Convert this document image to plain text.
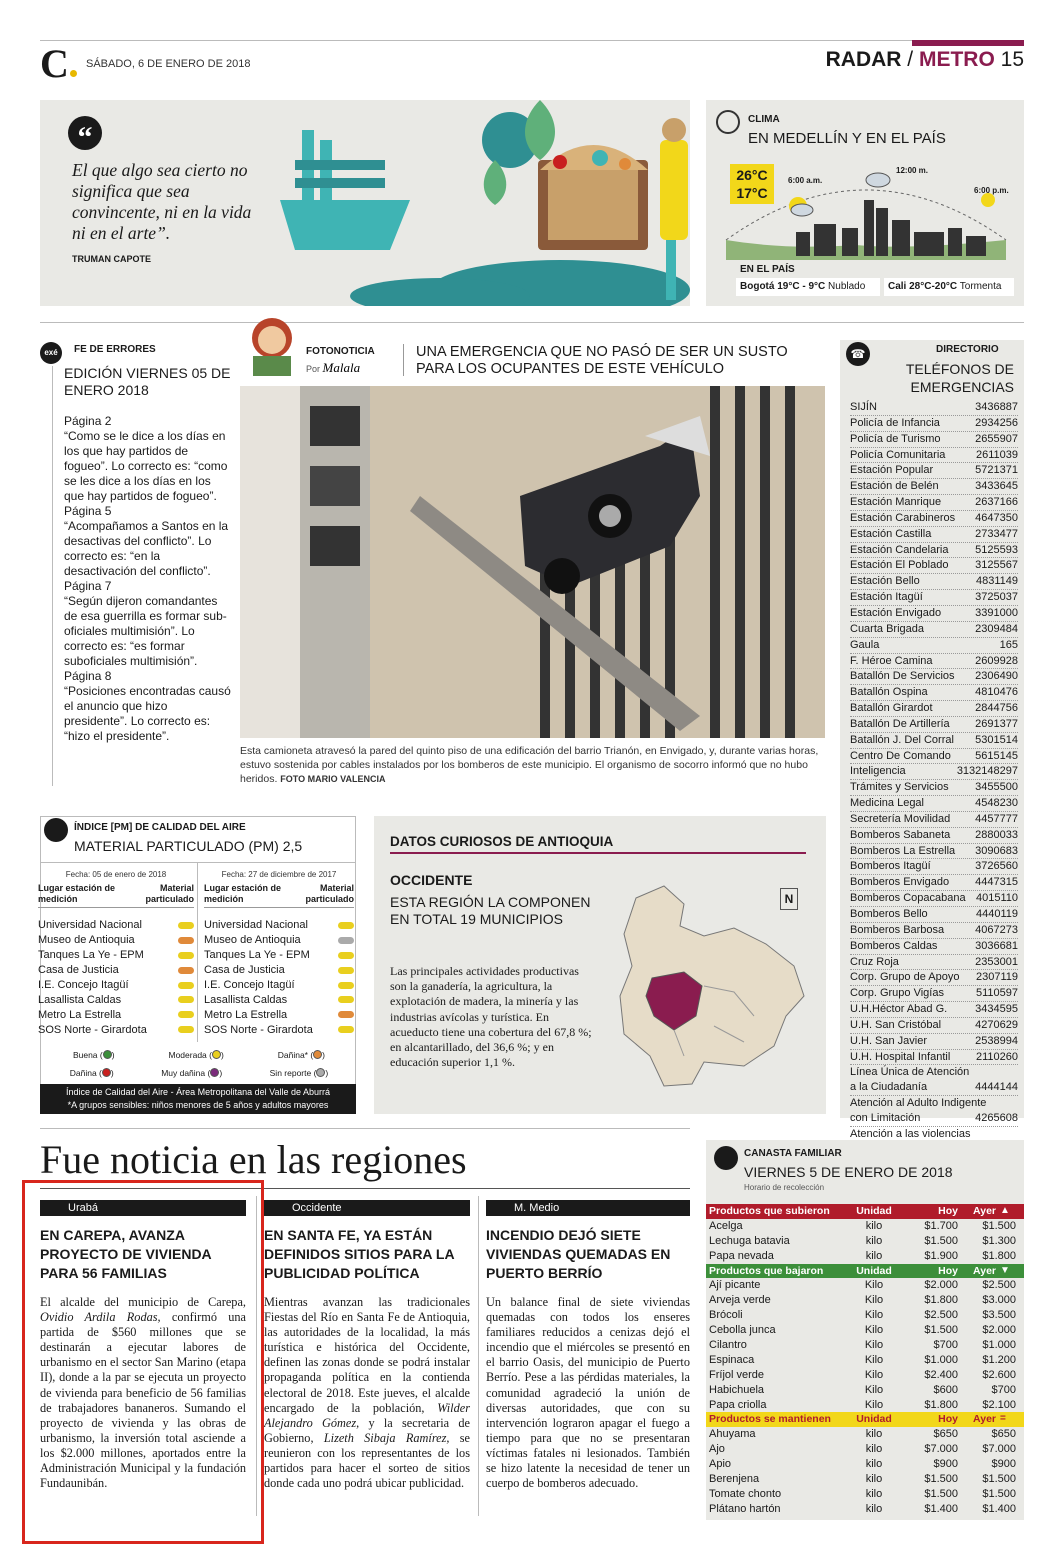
C	SÁBADO, 6 DE ENERO DE 2018	RADAR / METRO 15
“
El que algo sea cierto no significa que sea convincente, ni en la vida ni en el arte”.
TRUMAN CAPOTE
CLIMA
EN MEDELLÍN Y EN EL PAÍS
26°C
17°C
6:00 a.m.
12:00 m.
6:00 p.m.
EN EL PAÍS
Bogotá 19°C - 9°C Nublado	Cali 28°C-20°C Tormenta
exé	FE DE ERRORES
EDICIÓN VIERNES 05 DE ENERO 2018
Página 2
“Como se le dice a los días en los que hay partidos de fogueo”. Lo correcto es: “como se les dice a los días en los que hay partidos de fogueo”.
Página 5
“Acompañamos a Santos en la desactivas del conflicto”. Lo correcto es: “en la desactivación del conflicto”.
Página 7
“Según dijeron comandantes de esa guerrilla es formar sub-oficiales multimisión”. Lo correcto es: “es formar suboficiales multimisión”.
Página 8
“Posiciones encontradas causó el anuncio que hizo presidente”. Lo correcto es: “hizo el presidente”.
FOTONOTICIA
Por Malala
UNA EMERGENCIA QUE NO PASÓ DE SER UN SUSTO PARA LOS OCUPANTES DE ESTE VEHÍCULO
Esta camioneta atravesó la pared del quinto piso de una edificación del barrio Trianón, en Envigado, y, durante varias horas, estuvo sostenida por cables instalados por los bomberos de este municipio. El organismo de socorro informó que no hubo heridos. FOTO MARIO VALENCIA
☎	DIRECTORIO
TELÉFONOS DE EMERGENCIAS
SIJÍN	3436887
Policía de Infancia	2934256
Policía de Turismo	2655907
Policía Comunitaria	2611039
Estación Popular	5721371
Estación de Belén	3433645
Estación Manrique	2637166
Estación Carabineros 4647350
Estación Castilla	2733477
Estación Candelaria 5125593
Estación El Poblado 3125567
Estación Bello	4831149
Estación Itagüí	3725037
Estación Envigado	3391000
Cuarta Brigada	2309484
Gaula	165
F. Héroe Camina	2609928
Batallón De Servicios 2306490
Batallón Ospina	4810476
Batallón Girardot	2844756
Batallón De Artillería 2691377
Batallón J. Del Corral 5301514
Centro De Comando 5615145
Inteligencia	3132148297
Trámites y Servicios 3455500
Medicina Legal	4548230
Secretería Movilidad 4457777
Bomberos Sabaneta 2880033
Bomberos La Estrella 3090683
Bomberos Itagüí	3726560
Bomberos Envigado 4447315
Bomberos Copacabana 4015110
Bomberos Bello	4440119
Bomberos Barbosa	4067273
Bomberos Caldas	3036681
Cruz Roja	2353001
Corp. Grupo de Apoyo 2307119
Corp. Grupo Vigías	5110597
U.H.Héctor Abad G.	3434595
U.H. San Cristóbal	4270629
U.H. San Javier	2538994
U.H. Hospital Infantil 2110260
Línea Única de Atención
a la Ciudadanía	4444144
Atención al Adulto Indigente
con Limitación	4265608
Atención a las violencias
ÍNDICE [PM] DE CALIDAD DEL AIRE
MATERIAL PARTICULADO (PM) 2,5
Fecha: 05 de enero de 2018
Lugar estación de medición
Material particulado
Universidad Nacional
Museo de Antioquia
Tanques La Ye - EPM
Casa de Justicia
I.E. Concejo Itagüí
Lasallista Caldas
Metro La Estrella
SOS Norte - Girardota
Fecha: 27 de diciembre de 2017
Lugar estación de medición
Material particulado
Universidad Nacional
Museo de Antioquia
Tanques La Ye - EPM
Casa de Justicia
I.E. Concejo Itagüí
Lasallista Caldas
Metro La Estrella
SOS Norte - Girardota
Buena ( )	Moderada ( )	Dañina* ( )
Dañina ( )	Muy dañina ( )	Sin reporte ( )
Índice de Calidad del Aire - Área Metropolitana del Valle de Aburrá
*A grupos sensibles: niños menores de 5 años y adultos mayores
DATOS CURIOSOS DE ANTIOQUIA
OCCIDENTE
ESTA REGIÓN LA COMPONEN EN TOTAL 19 MUNICIPIOS
Las principales actividades productivas son la ganadería, la agricultura, la explotación de madera, la minería y las industrias avícolas y turística. En acueducto tiene una cobertura del 67,8 %; en alcantarillado, del 36,6 %; y en educación superior 1,1 %.
N
Fue noticia en las regiones
Urabá
EN CAREPA, AVANZA PROYECTO DE VIVIENDA PARA 56 FAMILIAS
El alcalde del municipio de Carepa, Ovidio Ardila Rodas, confirmó una partida de $560 millones que se destinarán a ejecutar labores de urbanismo en el sector San Marino (etapa II), donde a la par se ejecuta un proyecto de vivienda para beneficio de 56 familias de trabajadores bananeros. Sumando el proyecto de vivienda y las obras de urbanismo, la inversión total asciende a los $2.000 millones, aportados entre la Administración Municipal y la fundación Fundaunibán.
Occidente
EN SANTA FE, YA ESTÁN DEFINIDOS SITIOS PARA LA PUBLICIDAD POLÍTICA
Mientras avanzan las tradicionales Fiestas del Río en Santa Fe de Antioquia, las autoridades de la localidad, la más turística e histórica del Occidente, definen las zonas donde se podrá instalar propaganda política en la contienda electoral de 2018. Este jueves, el alcalde encargado de la población, Wilder Alejandro Gómez, y la secretaria de Gobierno, Lizeth Sibaja Ramírez, se reunieron con los representantes de los partidos para hacer el sorteo de sitios donde cada uno podrá ubicar publicidad.
M. Medio
INCENDIO DEJÓ SIETE VIVIENDAS QUEMADAS EN PUERTO BERRÍO
Un balance final de siete viviendas quemadas con todos los enseres familiares reducidos a cenizas dejó el incendio que el miércoles se presentó en el barrio Oasis, del municipio de Puerto Berrío. Pese a las pérdidas materiales, la comunidad agradeció la unión de diversas autoridades, que con su intervención lograron apagar el fuego a tiempo para que no se presentaran víctimas fatales ni lesionados. También se hizo latente la necesidad de tener un cuerpo de bomberos adecuado.
CANASTA FAMILIAR
VIERNES 5 DE ENERO DE 2018
Horario de recolección
Productos que subieron	Unidad	Hoy	Ayer ▲
Acelga	kilo	$1.700	$1.500
Lechuga batavia	kilo	$1.500	$1.300
Papa nevada	kilo	$1.900	$1.800
Productos que bajaron	Unidad	Hoy	Ayer ▼
Ají picante	Kilo	$2.000	$2.500
Arveja verde	Kilo	$1.800	$3.000
Brócoli	Kilo	$2.500	$3.500
Cebolla junca	Kilo	$1.500	$2.000
Cilantro	Kilo	$700	$1.000
Espinaca	Kilo	$1.000	$1.200
Fríjol verde	Kilo	$2.400	$2.600
Habichuela	Kilo	$600	$700
Papa criolla	Kilo	$1.800	$2.100
Productos se mantienen	Unidad	Hoy	Ayer =
Ahuyama	kilo	$650	$650
Ajo	kilo	$7.000	$7.000
Apio	kilo	$900	$900
Berenjena	kilo	$1.500	$1.500
Tomate chonto	kilo	$1.500	$1.500
Plátano hartón	kilo	$1.400	$1.400
